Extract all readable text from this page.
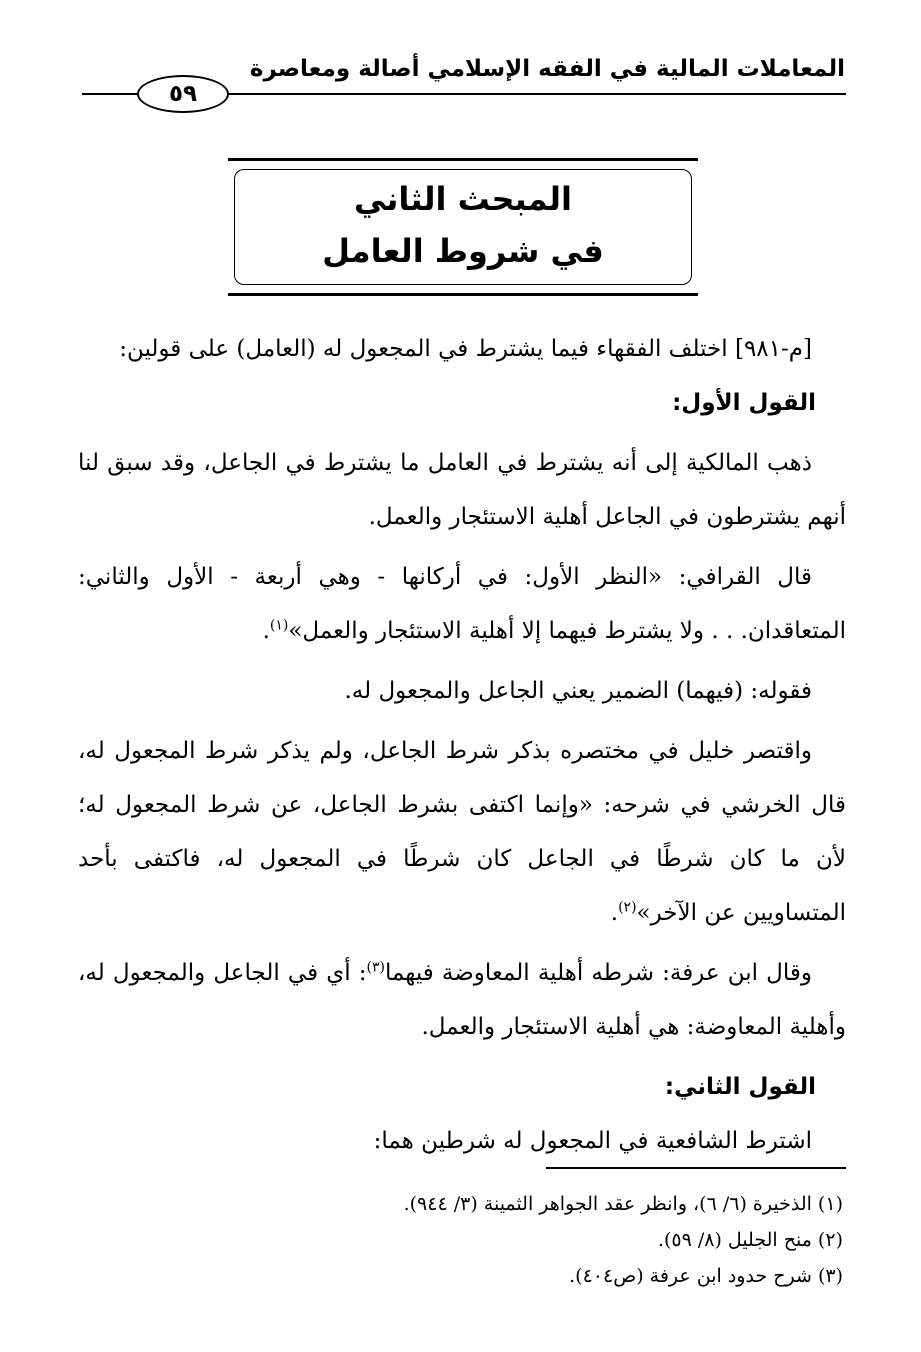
المعاملات المالية في الفقه الإسلامي أصالة ومعاصرة
٥٩
المبحث الثاني
في شروط العامل

[م-٩٨١] اختلف الفقهاء فيما يشترط في المجعول له (العامل) على قولين:

القول الأول:

ذهب المالكية إلى أنه يشترط في العامل ما يشترط في الجاعل، وقد سبق لنا أنهم يشترطون في الجاعل أهلية الاستئجار والعمل.

قال القرافي: «النظر الأول: في أركانها - وهي أربعة - الأول والثاني: المتعاقدان. . . ولا يشترط فيهما إلا أهلية الاستئجار والعمل»$^{(١)}$.

فقوله: (فيهما) الضمير يعني الجاعل والمجعول له.

واقتصر خليل في مختصره بذكر شرط الجاعل، ولم يذكر شرط المجعول له، قال الخرشي في شرحه: «وإنما اكتفى بشرط الجاعل، عن شرط المجعول له؛ لأن ما كان شرطًا في الجاعل كان شرطًا في المجعول له، فاكتفى بأحد المتساويين عن الآخر»$^{(٢)}$.

وقال ابن عرفة: شرطه أهلية المعاوضة فيهما$^{(٣)}$: أي في الجاعل والمجعول له، وأهلية المعاوضة: هي أهلية الاستئجار والعمل.

القول الثاني:

اشترط الشافعية في المجعول له شرطين هما:

(١) الذخيرة (٦/ ٦)، وانظر عقد الجواهر الثمينة (٣/ ٩٤٤).

(٢) منح الجليل (٨/ ٥٩).

(٣) شرح حدود ابن عرفة (ص٤٠٤).
